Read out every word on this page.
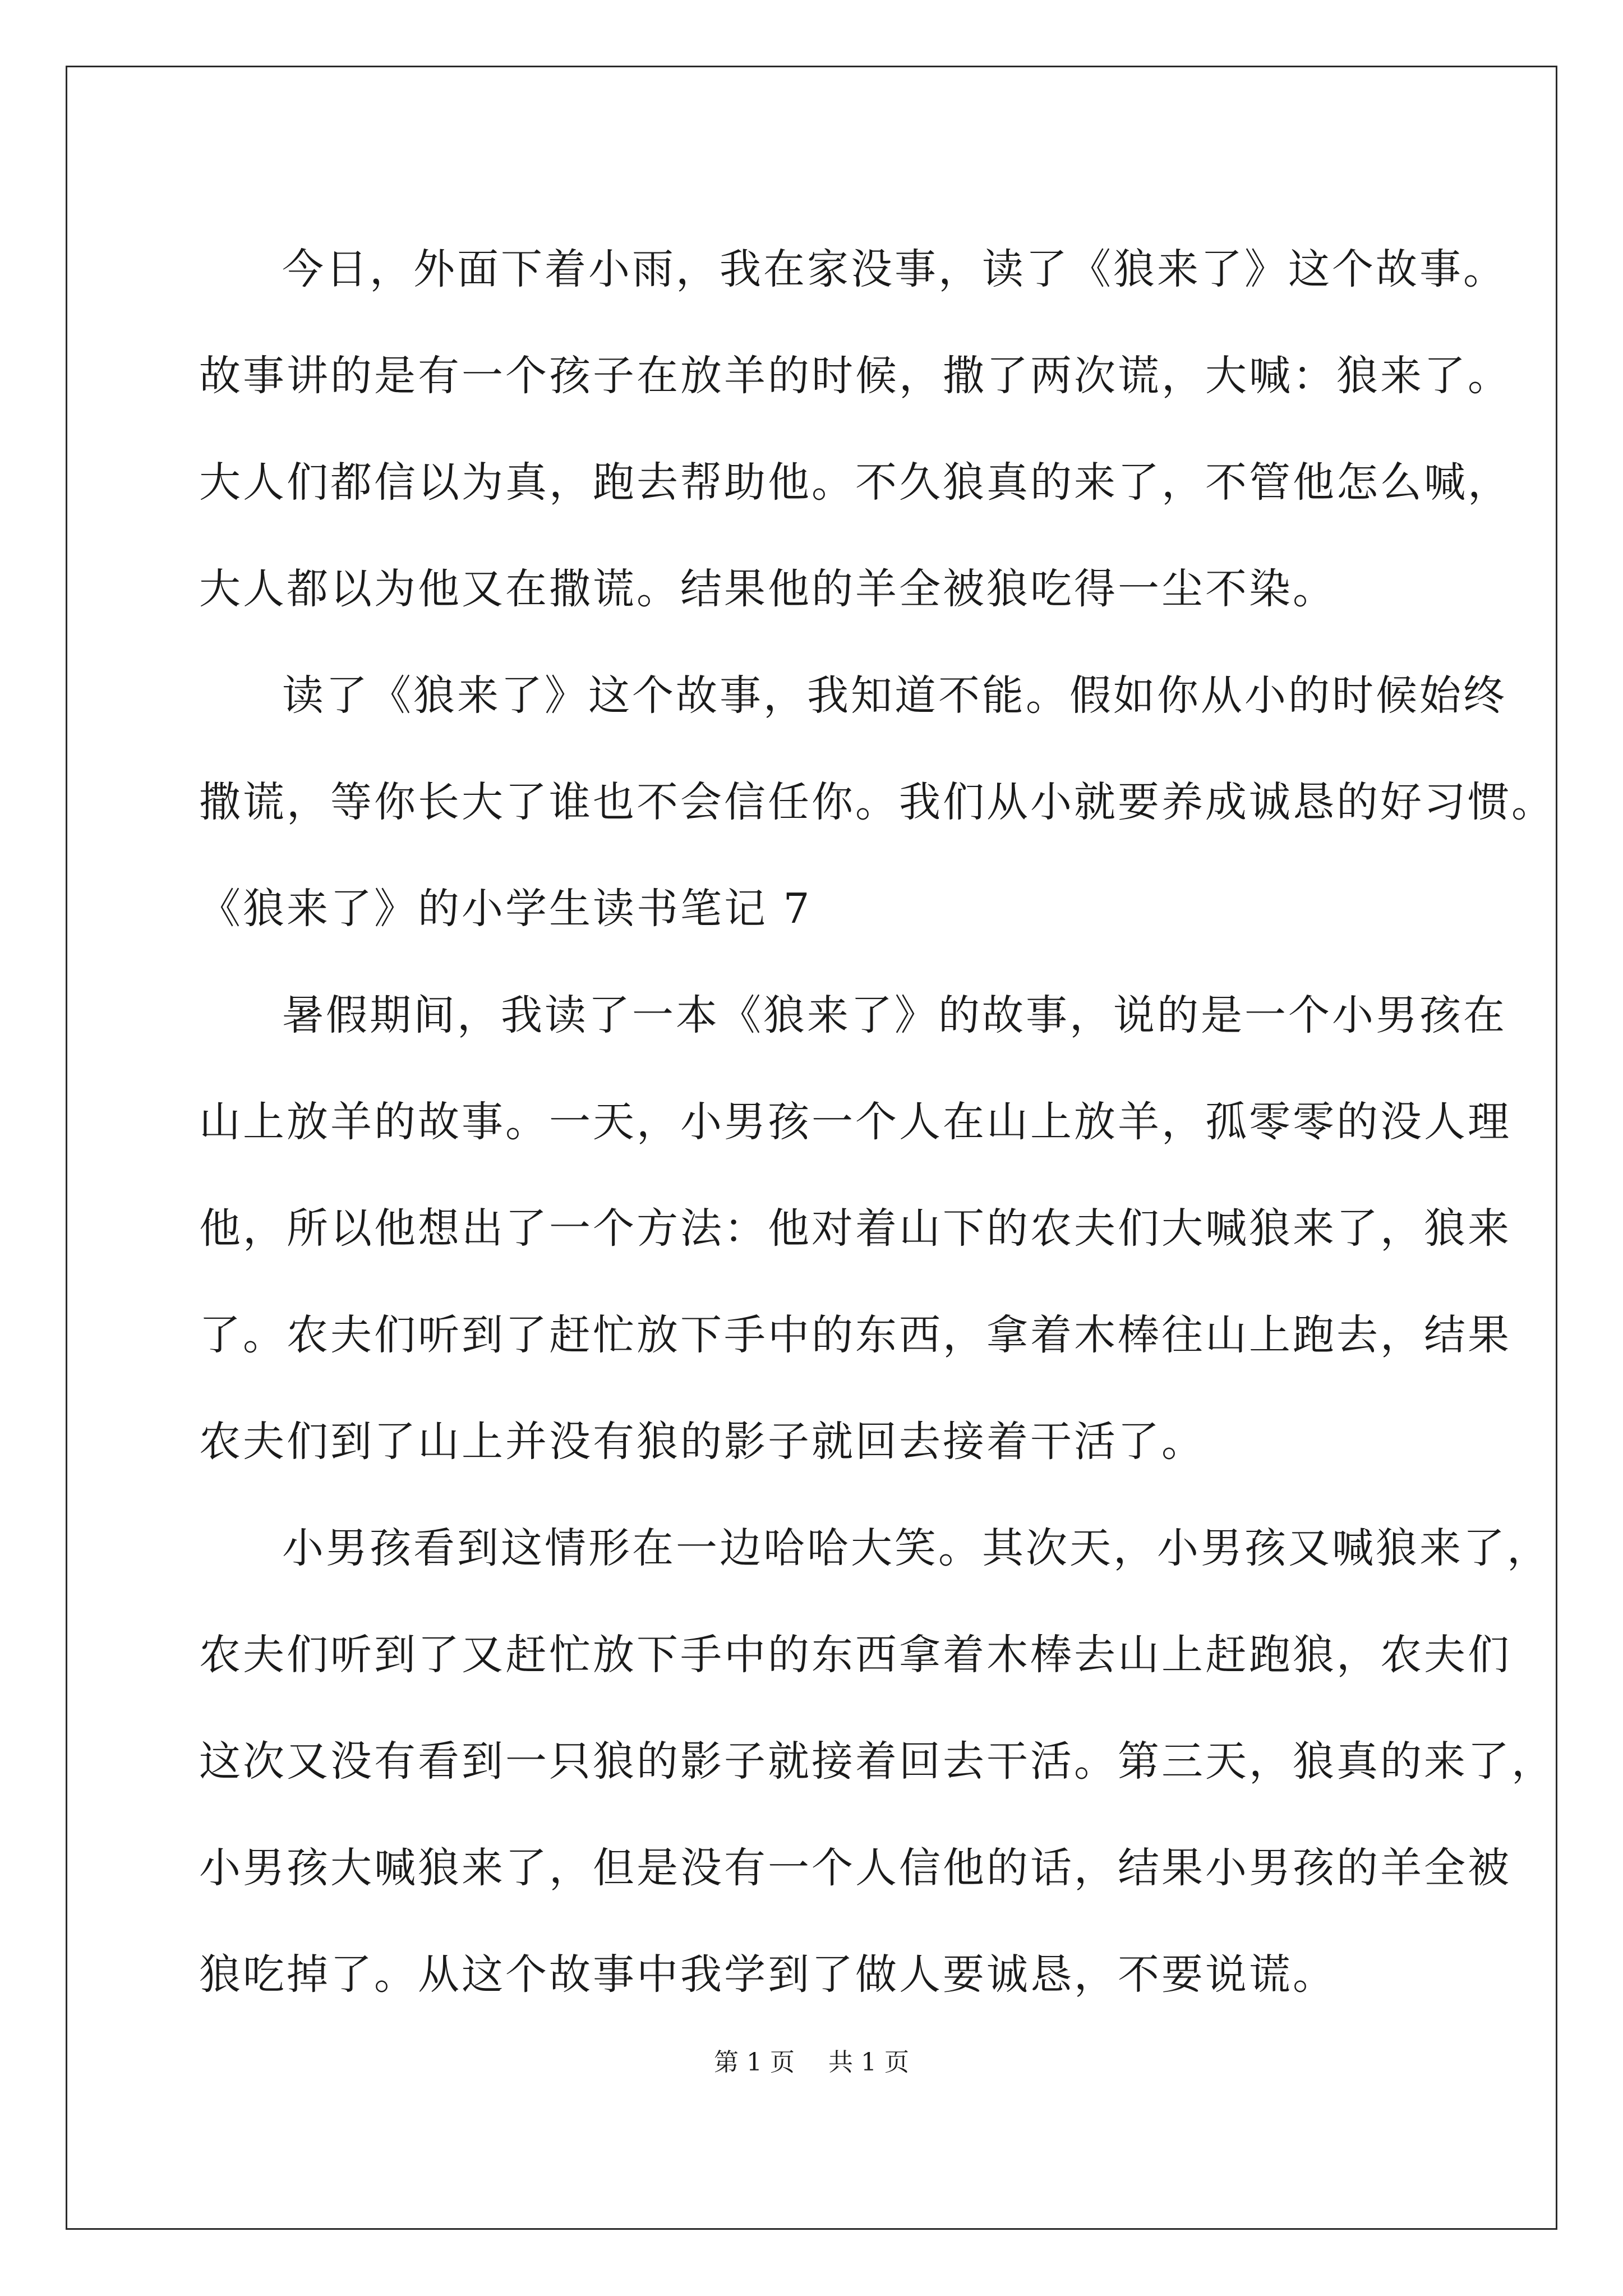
今日，外面下着小雨，我在家没事，读了《狼来了》这个故事。
故事讲的是有一个孩子在放羊的时候，撒了两次谎，大喊：狼来了。
大人们都信以为真，跑去帮助他。不久狼真的来了，不管他怎么喊，
大人都以为他又在撒谎。结果他的羊全被狼吃得一尘不染。
读了《狼来了》这个故事，我知道不能。假如你从小的时候始终
撒谎，等你长大了谁也不会信任你。我们从小就要养成诚恳的好习惯。
《狼来了》的小学生读书笔记 7
暑假期间，我读了一本《狼来了》的故事，说的是一个小男孩在
山上放羊的故事。一天，小男孩一个人在山上放羊，孤零零的没人理
他，所以他想出了一个方法：他对着山下的农夫们大喊狼来了，狼来
了。农夫们听到了赶忙放下手中的东西，拿着木棒往山上跑去，结果
农夫们到了山上并没有狼的影子就回去接着干活了。
小男孩看到这情形在一边哈哈大笑。其次天，小男孩又喊狼来了，
农夫们听到了又赶忙放下手中的东西拿着木棒去山上赶跑狼，农夫们
这次又没有看到一只狼的影子就接着回去干活。第三天，狼真的来了，
小男孩大喊狼来了，但是没有一个人信他的话，结果小男孩的羊全被
狼吃掉了。从这个故事中我学到了做人要诚恳，不要说谎。
第 1 页 共 1 页
